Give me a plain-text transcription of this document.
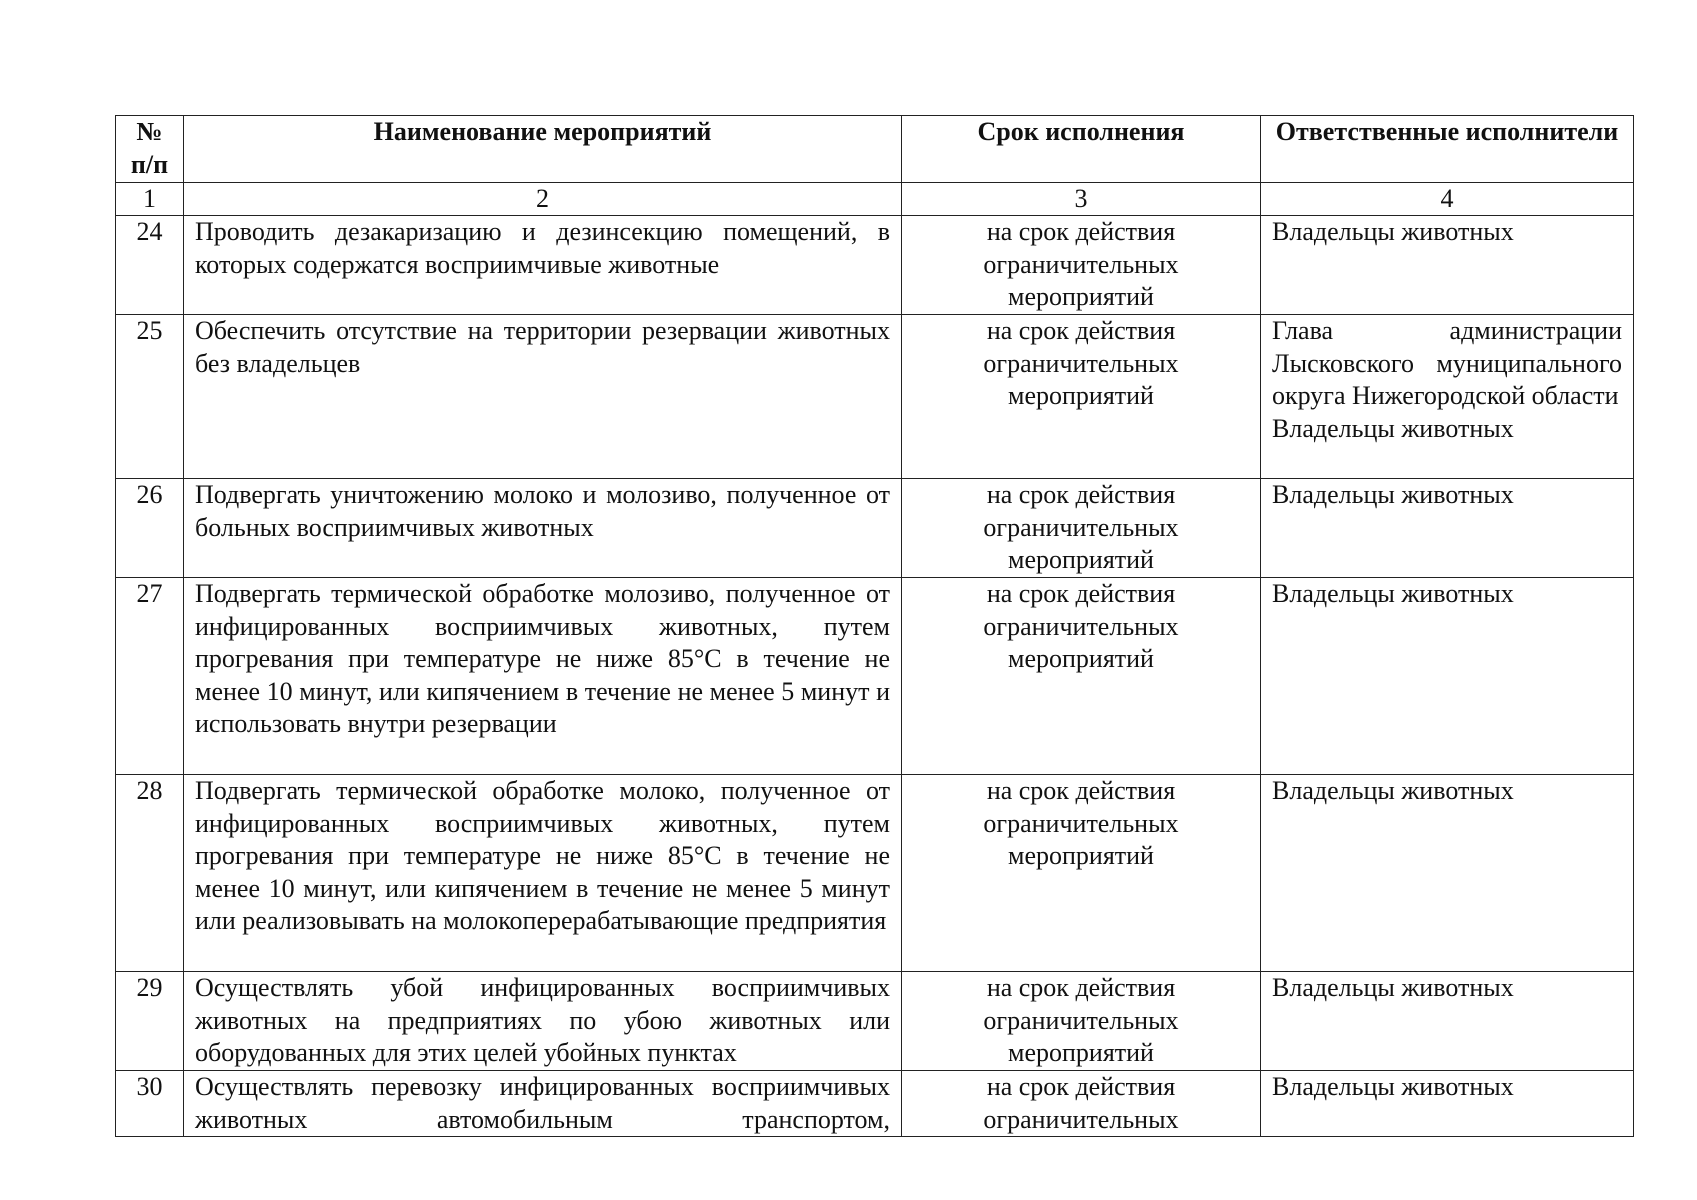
№ п/п	Наименование мероприятий	Срок исполнения	Ответственные исполнители
1	2	3	4
24	Проводить дезакаризацию и дезинсекцию помещений, в которых содержатся восприимчивые животные	на срок действия ограничительных мероприятий	Владельцы животных

25	Обеспечить отсутствие на территории резервации животных без владельцев	на срок действия ограничительных мероприятий	Глава администрации Лысковского муниципального округа Нижегородской области
Владельцы животных

26	Подвергать уничтожению молоко и молозиво, полученное от больных восприимчивых животных	на срок действия ограничительных мероприятий	Владельцы животных

27	Подвергать термической обработке молозиво, полученное от инфицированных восприимчивых животных, путем прогревания при температуре не ниже 85°С в течение не менее 10 минут, или кипячением в течение не менее 5 минут и использовать внутри резервации	на срок действия ограничительных мероприятий	Владельцы животных

28	Подвергать термической обработке молоко, полученное от инфицированных восприимчивых животных, путем прогревания при температуре не ниже 85°С в течение не менее 10 минут, или кипячением в течение не менее 5 минут или реализовывать на молокоперерабатывающие предприятия	на срок действия ограничительных мероприятий	Владельцы животных

29	Осуществлять убой инфицированных восприимчивых животных на предприятиях по убою животных или оборудованных для этих целей убойных пунктах	на срок действия ограничительных мероприятий	Владельцы животных

30	Осуществлять перевозку инфицированных восприимчивых животных автомобильным транспортом,	на срок действия ограничительных	Владельцы животных
